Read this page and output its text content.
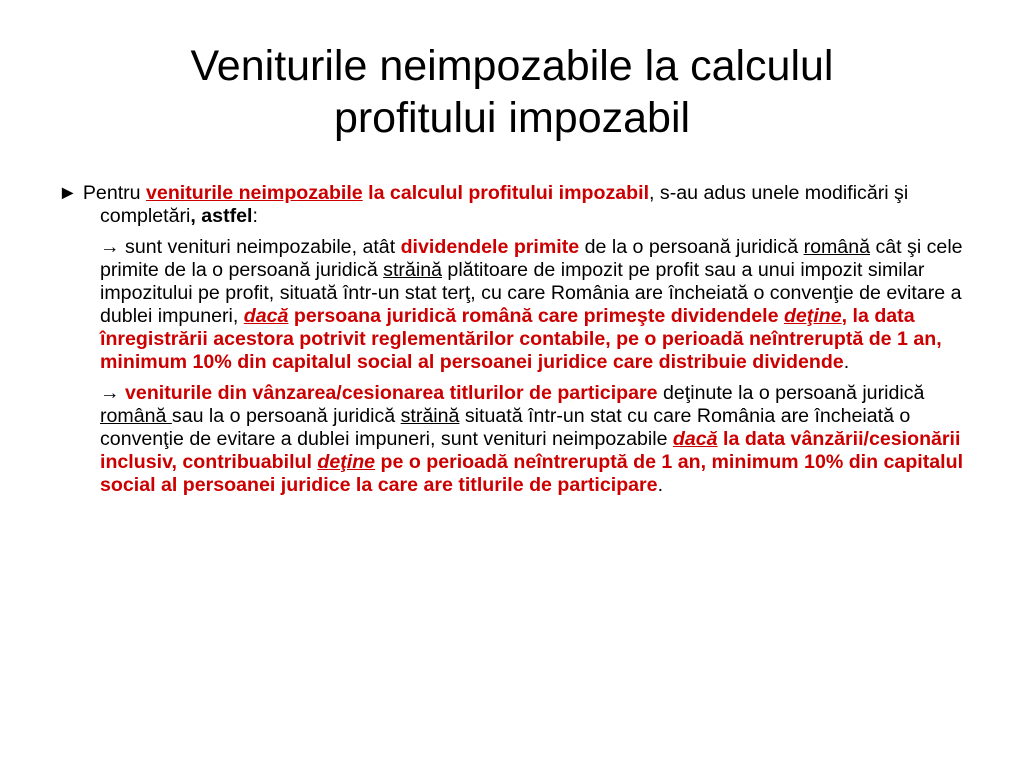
Veniturile neimpozabile la calculul
profitului impozabil

► Pentru veniturile neimpozabile la calculul profitului impozabil, s-au adus unele modificări şi completări, astfel:

→ sunt venituri neimpozabile, atât dividendele primite de la o persoană juridică română cât şi cele primite de la o persoană juridică străină plătitoare de impozit pe profit sau a unui impozit similar impozitului pe profit, situată într-un stat terţ, cu care România are încheiată o convenţie de evitare a dublei impuneri, dacă persoana juridică română care primeşte dividendele deţine, la data înregistrării acestora potrivit reglementărilor contabile, pe o perioadă neîntreruptă de 1 an, minimum 10% din capitalul social al persoanei juridice care distribuie dividende.

→ veniturile din vânzarea/cesionarea titlurilor de participare deţinute la o persoană juridică română sau la o persoană juridică străină situată într-un stat cu care România are încheiată o convenţie de evitare a dublei impuneri, sunt venituri neimpozabile dacă la data vânzării/cesionării inclusiv, contribuabilul deţine pe o perioadă neîntreruptă de 1 an, minimum 10% din capitalul social al persoanei juridice la care are titlurile de participare.
